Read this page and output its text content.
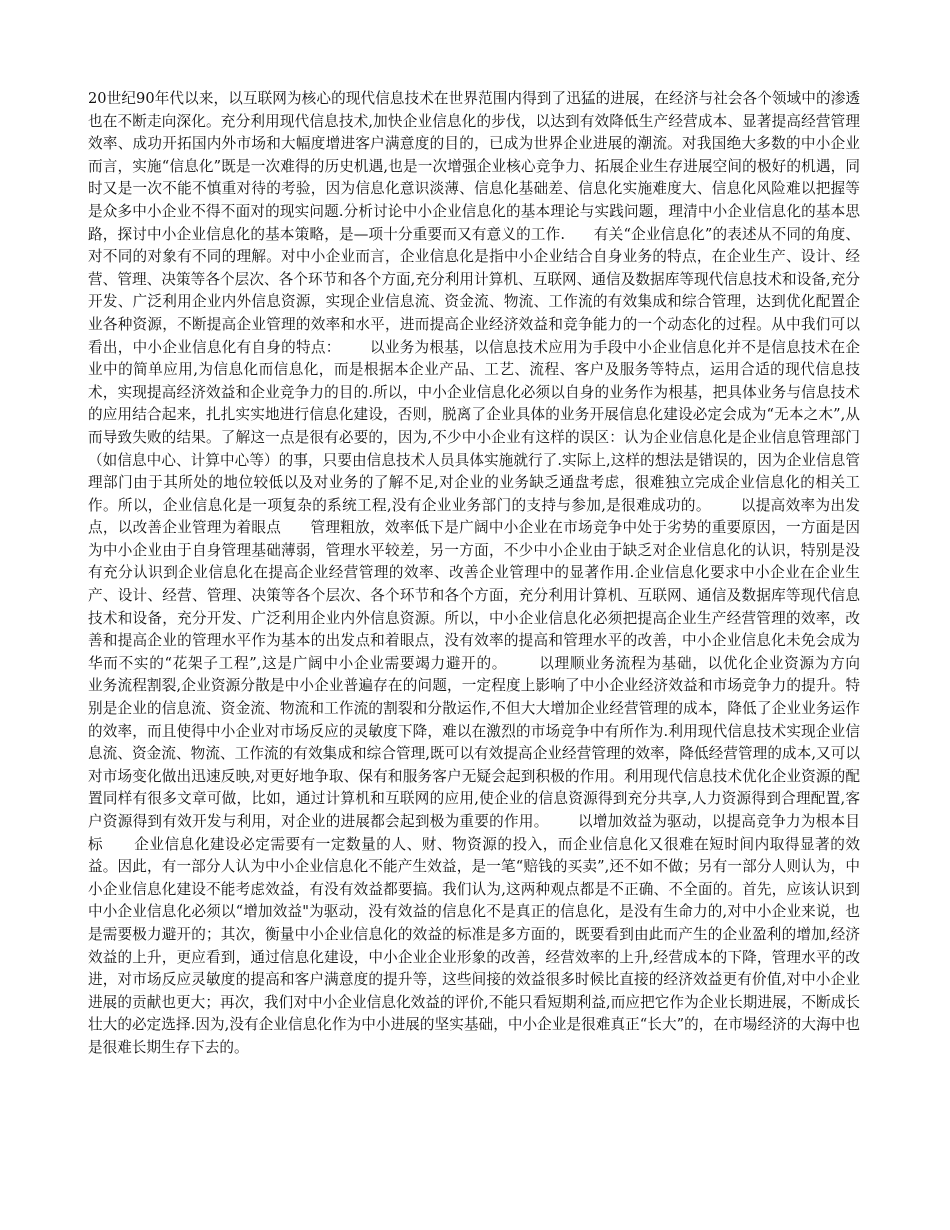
20世纪90年代以来，以互联网为核心的现代信息技术在世界范围内得到了迅猛的进展，在经济与社会各个领域中的渗透也在不断走向深化。充分利用现代信息技术,加快企业信息化的步伐，以达到有效降低生产经营成本、显著提高经营管理效率、成功开拓国内外市场和大幅度增进客户满意度的目的，已成为世界企业进展的潮流。对我国绝大多数的中小企业而言，实施“信息化”既是一次难得的历史机遇,也是一次增强企业核心竞争力、拓展企业生存进展空间的极好的机遇，同时又是一次不能不慎重对待的考验，因为信息化意识淡薄、信息化基础差、信息化实施难度大、信息化风险难以把握等是众多中小企业不得不面对的现实问题.分析讨论中小企业信息化的基本理论与实践问题，理清中小企业信息化的基本思路，探讨中小企业信息化的基本策略，是—项十分重要而又有意义的工作.      有关“企业信息化”的表述从不同的角度、对不同的对象有不同的理解。对中小企业而言，企业信息化是指中小企业结合自身业务的特点，在企业生产、设计、经营、管理、决策等各个层次、各个环节和各个方面,充分利用计算机、互联网、通信及数据库等现代信息技术和设备,充分开发、广泛利用企业内外信息资源，实现企业信息流、资金流、物流、工作流的有效集成和综合管理，达到优化配置企业各种资源，不断提高企业管理的效率和水平，进而提高企业经济效益和竞争能力的一个动态化的过程。从中我们可以看出，中小企业信息化有自身的特点：      以业务为根基，以信息技术应用为手段中小企业信息化并不是信息技术在企业中的简单应用,为信息化而信息化，而是根据本企业产品、工艺、流程、客户及服务等特点，运用合适的现代信息技术，实现提高经济效益和企业竞争力的目的.所以，中小企业信息化必须以自身的业务作为根基，把具体业务与信息技术的应用结合起来，扎扎实实地进行信息化建设，否则，脱离了企业具体的业务开展信息化建设必定会成为“无本之木”,从而导致失败的结果。了解这一点是很有必要的，因为,不少中小企业有这样的误区：认为企业信息化是企业信息管理部门（如信息中心、计算中心等）的事，只要由信息技术人员具体实施就行了.实际上,这样的想法是错误的，因为企业信息管理部门由于其所处的地位较低以及对业务的了解不足,对企业的业务缺乏通盘考虑，很难独立完成企业信息化的相关工作。所以，企业信息化是一项复杂的系统工程,没有企业业务部门的支持与参加,是很难成功的。      以提高效率为出发点，以改善企业管理为着眼点      管理粗放，效率低下是广阔中小企业在市场竞争中处于劣势的重要原因，一方面是因为中小企业由于自身管理基础薄弱，管理水平较差，另一方面，不少中小企业由于缺乏对企业信息化的认识，特别是没有充分认识到企业信息化在提高企业经营管理的效率、改善企业管理中的显著作用.企业信息化要求中小企业在企业生产、设计、经营、管理、决策等各个层次、各个环节和各个方面，充分利用计算机、互联网、通信及数据库等现代信息技术和设备，充分开发、广泛利用企业内外信息资源。所以，中小企业信息化必须把提高企业生产经营管理的效率，改善和提高企业的管理水平作为基本的出发点和着眼点，没有效率的提高和管理水平的改善，中小企业信息化未免会成为华而不实的“花架子工程”,这是广阔中小企业需要竭力避开的。      以理顺业务流程为基础，以优化企业资源为方向      业务流程割裂,企业资源分散是中小企业普遍存在的问题，一定程度上影响了中小企业经济效益和市场竞争力的提升。特别是企业的信息流、资金流、物流和工作流的割裂和分散运作,不但大大增加企业经营管理的成本，降低了企业业务运作的效率，而且使得中小企业对市场反应的灵敏度下降，难以在激烈的市场竞争中有所作为.利用现代信息技术实现企业信息流、资金流、物流、工作流的有效集成和综合管理,既可以有效提高企业经营管理的效率，降低经营管理的成本,又可以对市场变化做出迅速反映,对更好地争取、保有和服务客户无疑会起到积极的作用。利用现代信息技术优化企业资源的配置同样有很多文章可做，比如，通过计算机和互联网的应用,使企业的信息资源得到充分共享,人力资源得到合理配置,客户资源得到有效开发与利用，对企业的进展都会起到极为重要的作用。      以增加效益为驱动，以提高竞争力为根本目标      企业信息化建设必定需要有一定数量的人、财、物资源的投入，而企业信息化又很难在短时间内取得显著的效益。因此，有一部分人认为中小企业信息化不能产生效益，是一笔“赔钱的买卖”,还不如不做；另有一部分人则认为，中小企业信息化建设不能考虑效益，有没有效益都要搞。我们认为,这两种观点都是不正确、不全面的。首先，应该认识到中小企业信息化必须以“增加效益"为驱动，没有效益的信息化不是真正的信息化，是没有生命力的,对中小企业来说，也是需要极力避开的；其次，衡量中小企业信息化的效益的标准是多方面的，既要看到由此而产生的企业盈利的增加,经济效益的上升，更应看到，通过信息化建设，中小企业企业形象的改善，经营效率的上升,经营成本的下降，管理水平的改进，对市场反应灵敏度的提高和客户满意度的提升等，这些间接的效益很多时候比直接的经济效益更有价值,对中小企业进展的贡献也更大；再次，我们对中小企业信息化效益的评价,不能只看短期利益,而应把它作为企业长期进展，不断成长壮大的必定选择.因为,没有企业信息化作为中小进展的坚实基础，中小企业是很难真正“长大”的，在市場经济的大海中也是很难长期生存下去的。
